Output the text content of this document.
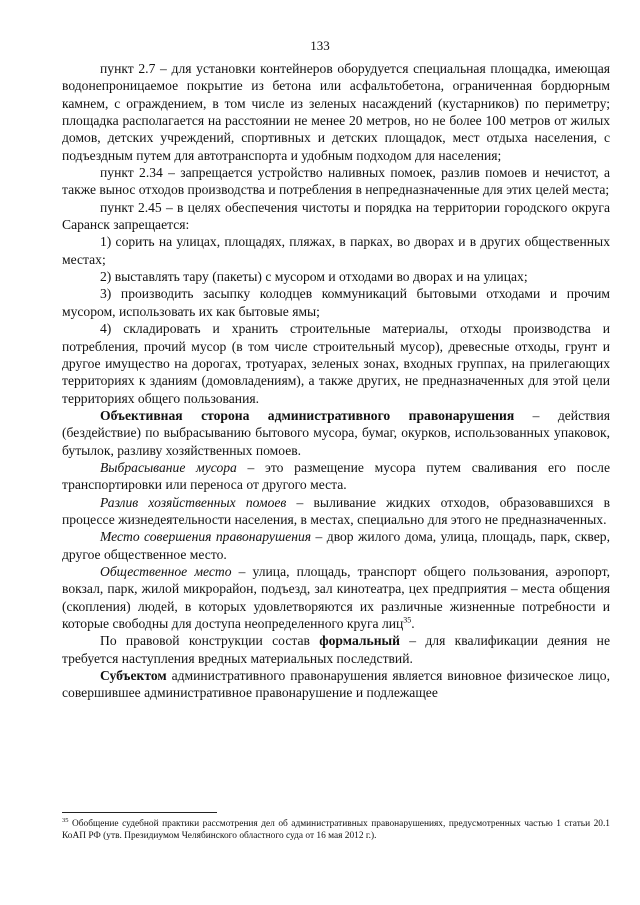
133

пункт 2.7 – для установки контейнеров оборудуется специальная площадка, имеющая водонепроницаемое покрытие из бетона или асфальтобетона, ограниченная бордюрным камнем, с ограждением, в том числе из зеленых насаждений (кустарников) по периметру; площадка располагается на расстоянии не менее 20 метров, но не более 100 метров от жилых домов, детских учреждений, спортивных и детских площадок, мест отдыха населения, с подъездным путем для автотранспорта и удобным подходом для населения;

пункт 2.34 – запрещается устройство наливных помоек, разлив помоев и нечистот, а также вынос отходов производства и потребления в непредназначенные для этих целей места;

пункт 2.45 – в целях обеспечения чистоты и порядка на территории городского округа Саранск запрещается:

1) сорить на улицах, площадях, пляжах, в парках, во дворах и в других общественных местах;

2) выставлять тару (пакеты) с мусором и отходами во дворах и на улицах;

3) производить засыпку колодцев коммуникаций бытовыми отходами и прочим мусором, использовать их как бытовые ямы;

4) складировать и хранить строительные материалы, отходы производства и потребления, прочий мусор (в том числе строительный мусор), древесные отходы, грунт и другое имущество на дорогах, тротуарах, зеленых зонах, входных группах, на прилегающих территориях к зданиям (домовладениям), а также других, не предназначенных для этой цели территориях общего пользования.

Объективная сторона административного правонарушения – действия (бездействие) по выбрасыванию бытового мусора, бумаг, окурков, использованных упаковок, бутылок, разливу хозяйственных помоев.

Выбрасывание мусора – это размещение мусора путем сваливания его после транспортировки или переноса от другого места.

Разлив хозяйственных помоев – выливание жидких отходов, образовавшихся в процессе жизнедеятельности населения, в местах, специально для этого не предназначенных.

Место совершения правонарушения – двор жилого дома, улица, площадь, парк, сквер, другое общественное место.

Общественное место – улица, площадь, транспорт общего пользования, аэропорт, вокзал, парк, жилой микрорайон, подъезд, зал кинотеатра, цех предприятия – места общения (скопления) людей, в которых удовлетворяются их различные жизненные потребности и которые свободны для доступа неопределенного круга лиц$^{35}$.

По правовой конструкции состав формальный – для квалификации деяния не требуется наступления вредных материальных последствий.

Субъектом административного правонарушения является виновное физическое лицо, совершившее административное правонарушение и подлежащее

$^{35}$ Обобщение судебной практики рассмотрения дел об административных правонарушениях, предусмотренных частью 1 статьи 20.1 КоАП РФ (утв. Президиумом Челябинского областного суда от 16 мая 2012 г.).
